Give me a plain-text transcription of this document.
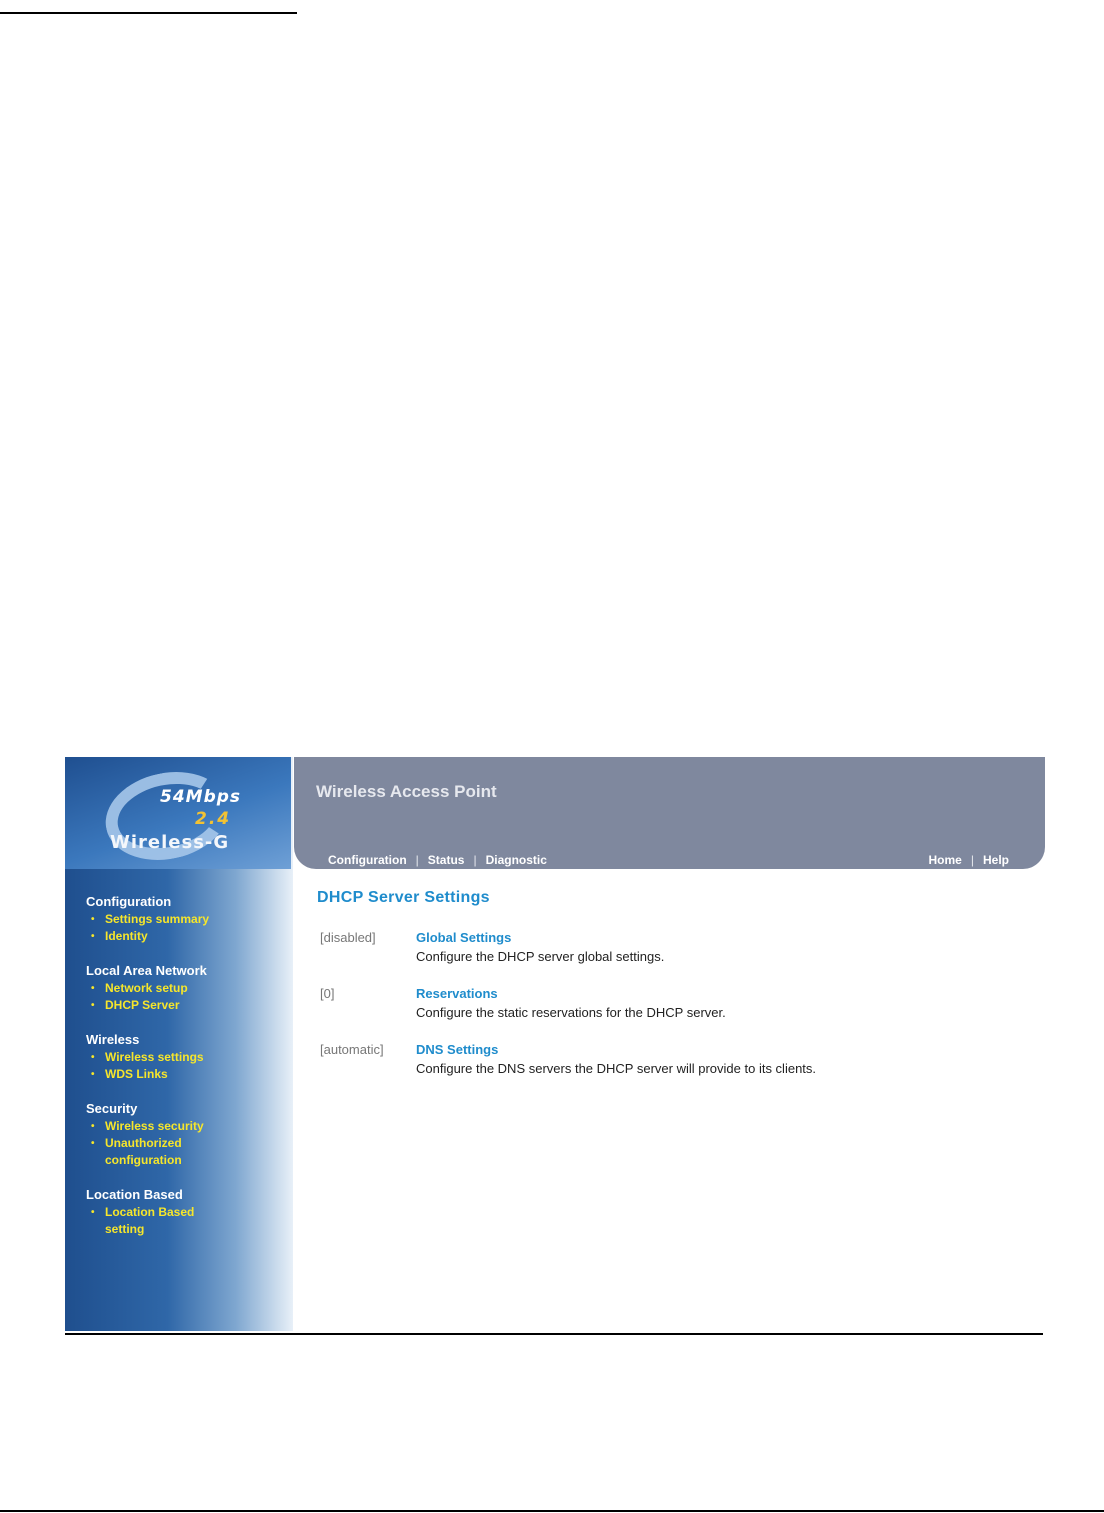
54Mbps
2.4
Wireless-G
Configuration
• Settings summary
• Identity
Local Area Network
• Network setup
• DHCP Server
Wireless
• Wireless settings
• WDS Links
Security
• Wireless security
• Unauthorized
configuration
Location Based
• Location Based
setting
Wireless Access Point
Configuration | Status | Diagnostic	Home | Help
DHCP Server Settings
[disabled]	Global Settings
Configure the DHCP server global settings.
[0]	Reservations
Configure the static reservations for the DHCP server.
[automatic] DNS Settings
Configure the DNS servers the DHCP server will provide to its clients.
